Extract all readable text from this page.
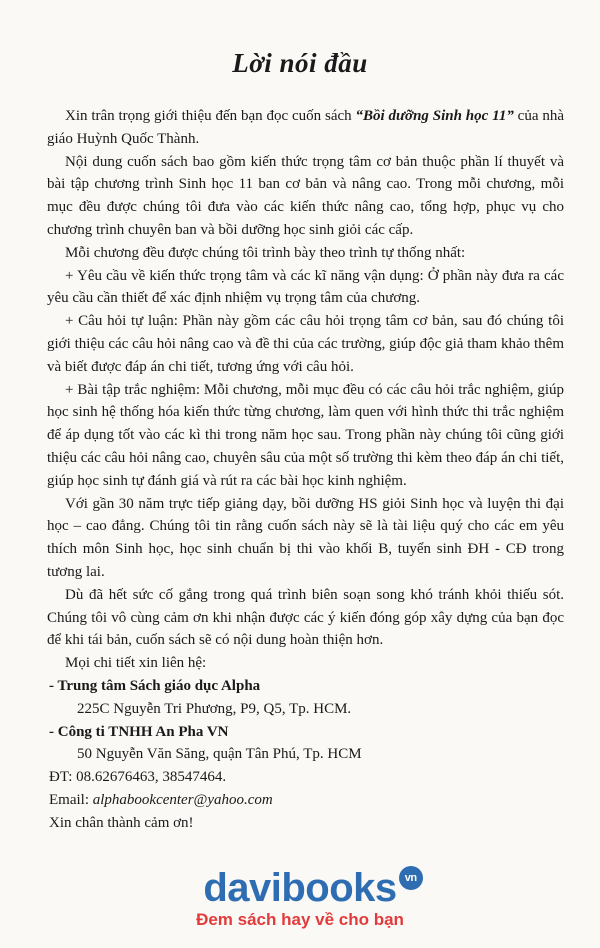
Lời nói đầu

Xin trân trọng giới thiệu đến bạn đọc cuốn sách “Bồi dưỡng Sinh học 11” của nhà giáo Huỳnh Quốc Thành.

Nội dung cuốn sách bao gồm kiến thức trọng tâm cơ bản thuộc phần lí thuyết và bài tập chương trình Sinh học 11 ban cơ bản và nâng cao. Trong mỗi chương, mỗi mục đều được chúng tôi đưa vào các kiến thức nâng cao, tổng hợp, phục vụ cho chương trình chuyên ban và bồi dưỡng học sinh giỏi các cấp.

Mỗi chương đều được chúng tôi trình bày theo trình tự thống nhất:

+ Yêu cầu về kiến thức trọng tâm và các kĩ năng vận dụng: Ở phần này đưa ra các yêu cầu cần thiết để xác định nhiệm vụ trọng tâm của chương.

+ Câu hỏi tự luận: Phần này gồm các câu hỏi trọng tâm cơ bản, sau đó chúng tôi giới thiệu các câu hỏi nâng cao và đề thi của các trường, giúp độc giả tham khảo thêm và biết được đáp án chi tiết, tương ứng với câu hỏi.

+ Bài tập trắc nghiệm: Mỗi chương, mỗi mục đều có các câu hỏi trắc nghiệm, giúp học sinh hệ thống hóa kiến thức từng chương, làm quen với hình thức thi trắc nghiệm để áp dụng tốt vào các kì thi trong năm học sau. Trong phần này chúng tôi cũng giới thiệu các câu hỏi nâng cao, chuyên sâu của một số trường thi kèm theo đáp án chi tiết, giúp học sinh tự đánh giá và rút ra các bài học kinh nghiệm.

Với gần 30 năm trực tiếp giảng dạy, bồi dưỡng HS giỏi Sinh học và luyện thi đại học – cao đẳng. Chúng tôi tin rằng cuốn sách này sẽ là tài liệu quý cho các em yêu thích môn Sinh học, học sinh chuẩn bị thi vào khối B, tuyển sinh ĐH - CĐ trong tương lai.

Dù đã hết sức cố gắng trong quá trình biên soạn song khó tránh khỏi thiếu sót. Chúng tôi vô cùng cảm ơn khi nhận được các ý kiến đóng góp xây dựng của bạn đọc để khi tái bản, cuốn sách sẽ có nội dung hoàn thiện hơn.

Mọi chi tiết xin liên hệ:

- Trung tâm Sách giáo dục Alpha
225C Nguyễn Tri Phương, P9, Q5, Tp. HCM.
- Công ti TNHH An Pha VN
50 Nguyễn Văn Săng, quận Tân Phú, Tp. HCM
ĐT: 08.62676463, 38547464.
Email: alphabookcenter@yahoo.com
Xin chân thành cảm ơn!
davibooks vn
Đem sách hay về cho bạn
